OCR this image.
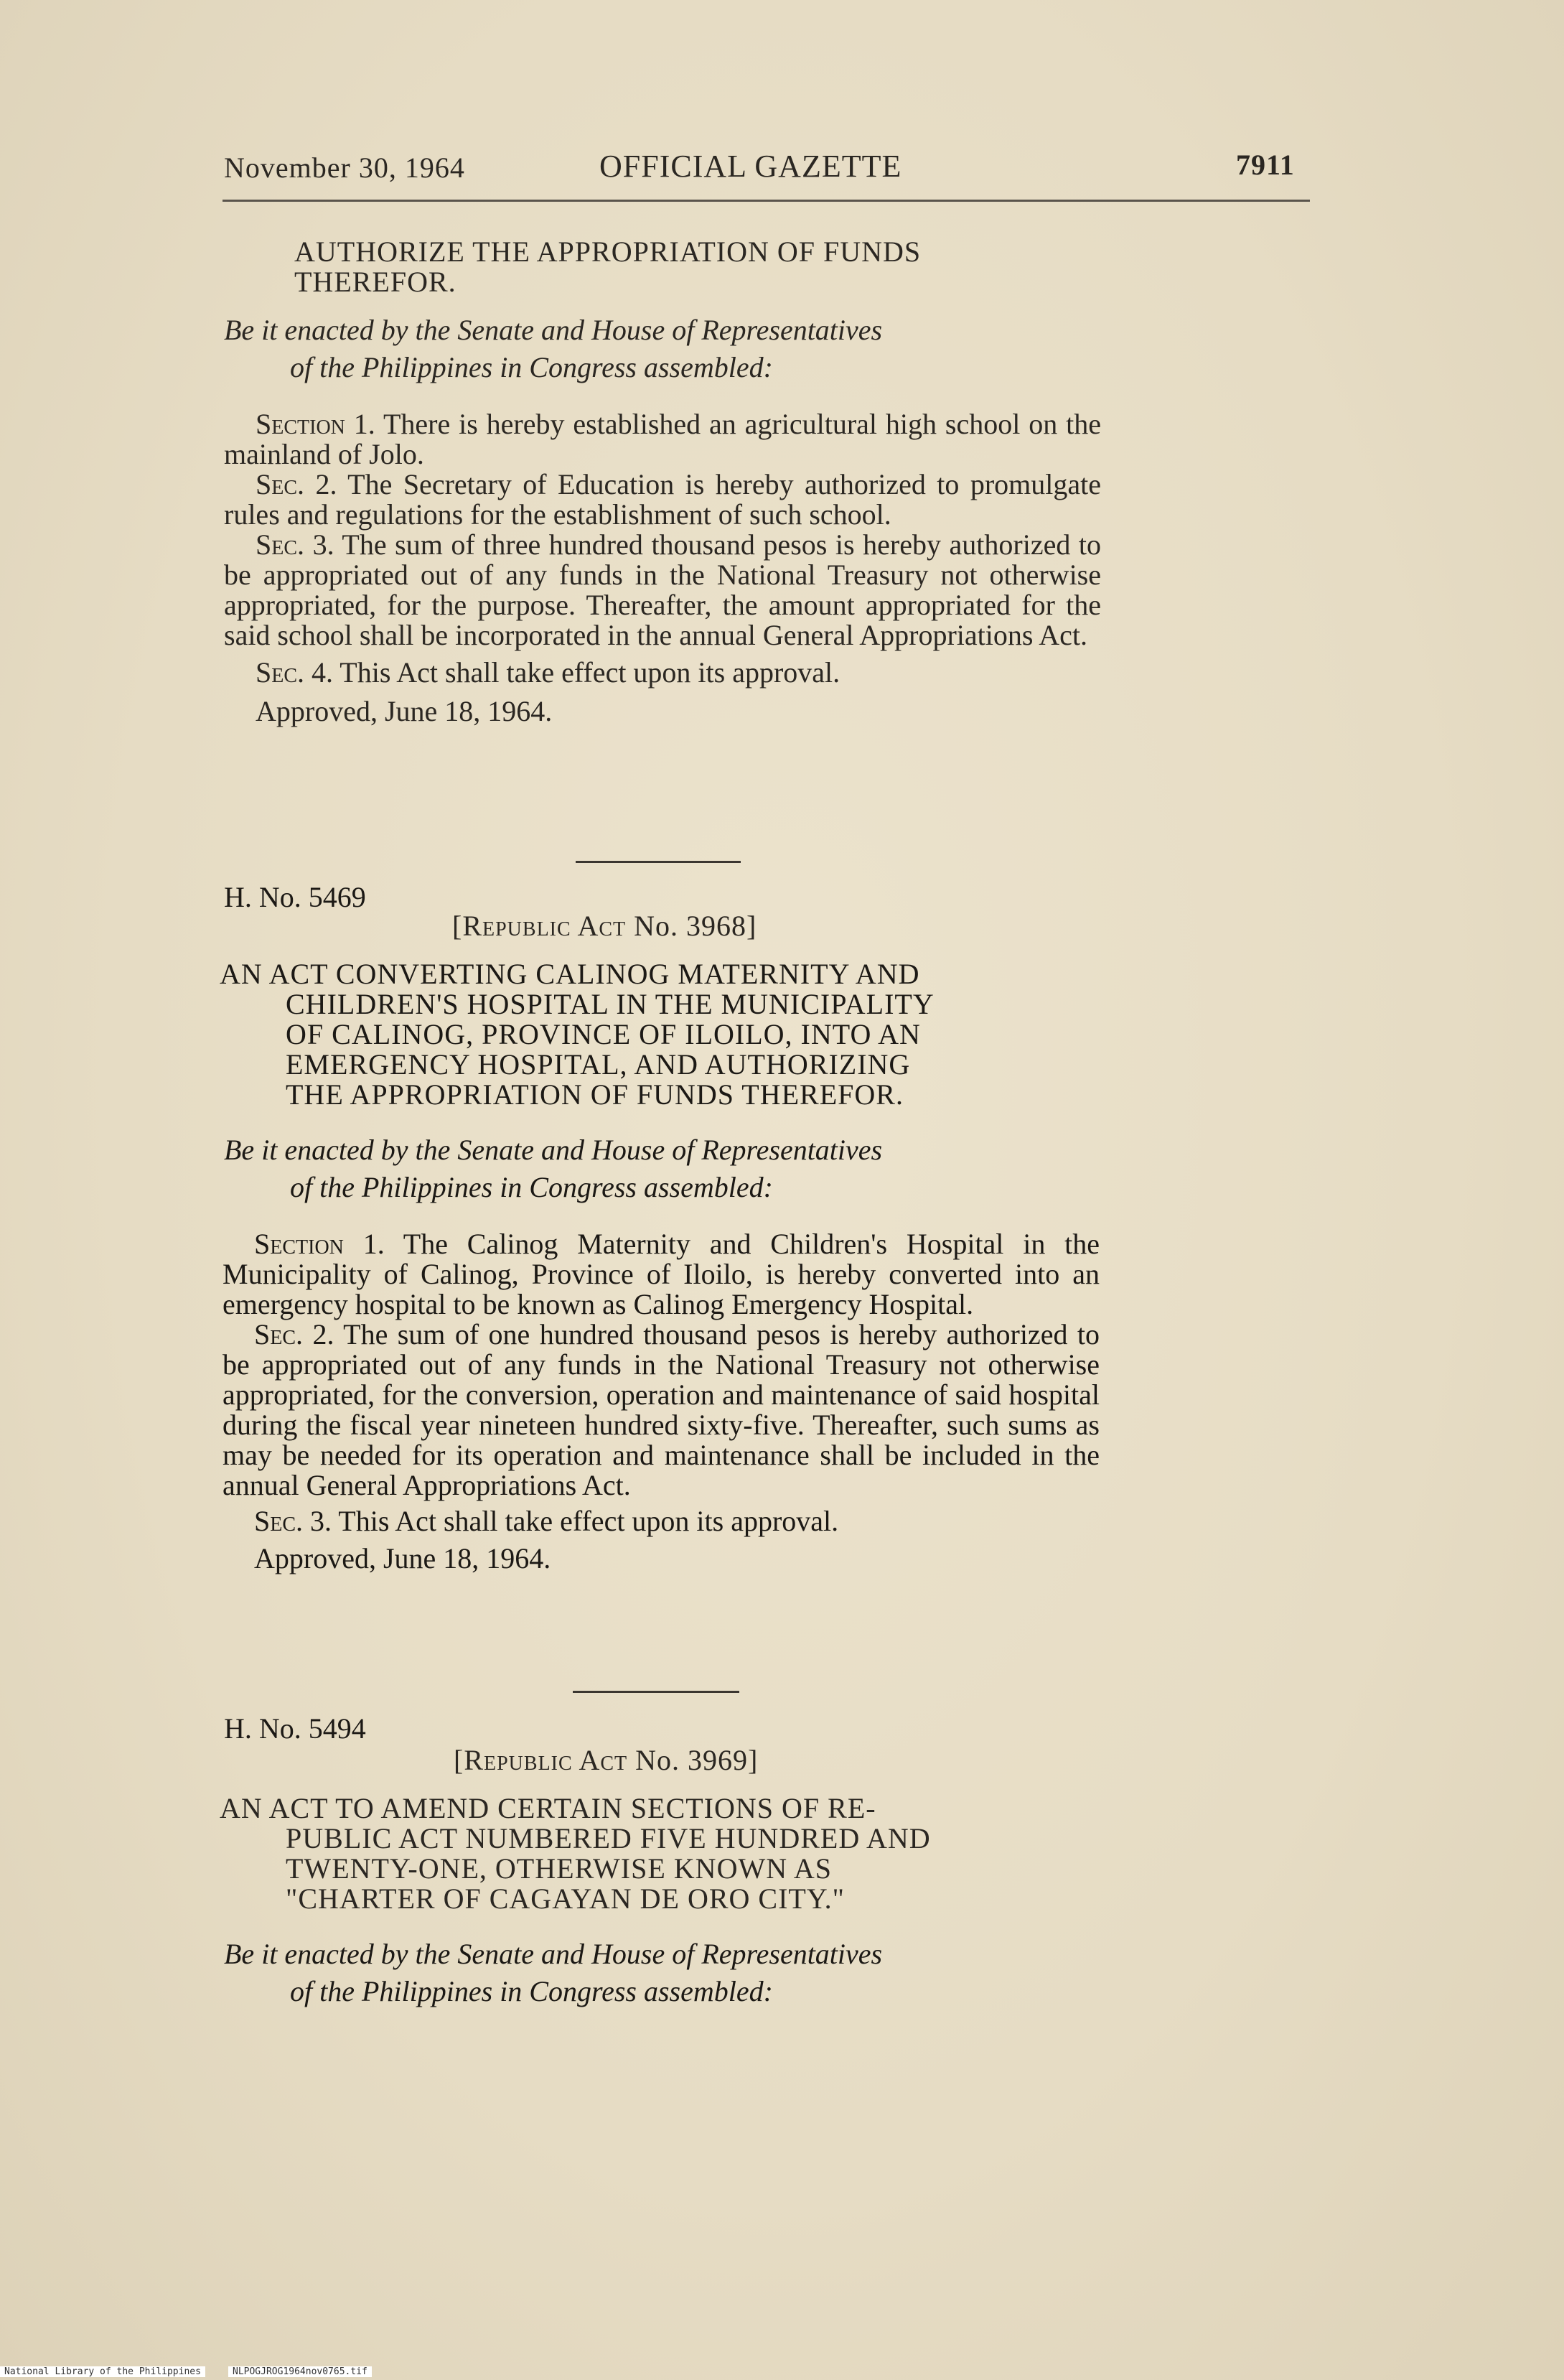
November 30, 1964	OFFICIAL GAZETTE	7911
AUTHORIZE THE APPROPRIATION OF FUNDS
THEREFOR.
Be it enacted by the Senate and House of Representatives
of the Philippines in Congress assembled:
Section 1. There is hereby established an agricultural high school on the mainland of Jolo.
Sec. 2. The Secretary of Education is hereby authorized to promulgate rules and regulations for the establishment of such school.
Sec. 3. The sum of three hundred thousand pesos is hereby authorized to be appropriated out of any funds in the National Treasury not otherwise appropriated, for the purpose. Thereafter, the amount appropriated for the said school shall be incorporated in the annual General Appropriations Act.
Sec. 4. This Act shall take effect upon its approval.
Approved, June 18, 1964.
H. No. 5469
[Republic Act No. 3968]
AN ACT CONVERTING CALINOG MATERNITY AND
CHILDREN'S HOSPITAL IN THE MUNICIPALITY
OF CALINOG, PROVINCE OF ILOILO, INTO AN
EMERGENCY HOSPITAL, AND AUTHORIZING
THE APPROPRIATION OF FUNDS THEREFOR.
Be it enacted by the Senate and House of Representatives
of the Philippines in Congress assembled:
Section 1. The Calinog Maternity and Children's Hospital in the Municipality of Calinog, Province of Iloilo, is hereby converted into an emergency hospital to be known as Calinog Emergency Hospital.
Sec. 2. The sum of one hundred thousand pesos is hereby authorized to be appropriated out of any funds in the National Treasury not otherwise appropriated, for the conversion, operation and maintenance of said hospital during the fiscal year nineteen hundred sixty-five. Thereafter, such sums as may be needed for its operation and maintenance shall be included in the annual General Appropriations Act.
Sec. 3. This Act shall take effect upon its approval.
Approved, June 18, 1964.
H. No. 5494
[Republic Act No. 3969]
AN ACT TO AMEND CERTAIN SECTIONS OF RE-
PUBLIC ACT NUMBERED FIVE HUNDRED AND
TWENTY-ONE, OTHERWISE KNOWN AS
"CHARTER OF CAGAYAN DE ORO CITY."
Be it enacted by the Senate and House of Representatives
of the Philippines in Congress assembled:
National Library of the Philippines	NLPOGJROG1964nov0765.tif
